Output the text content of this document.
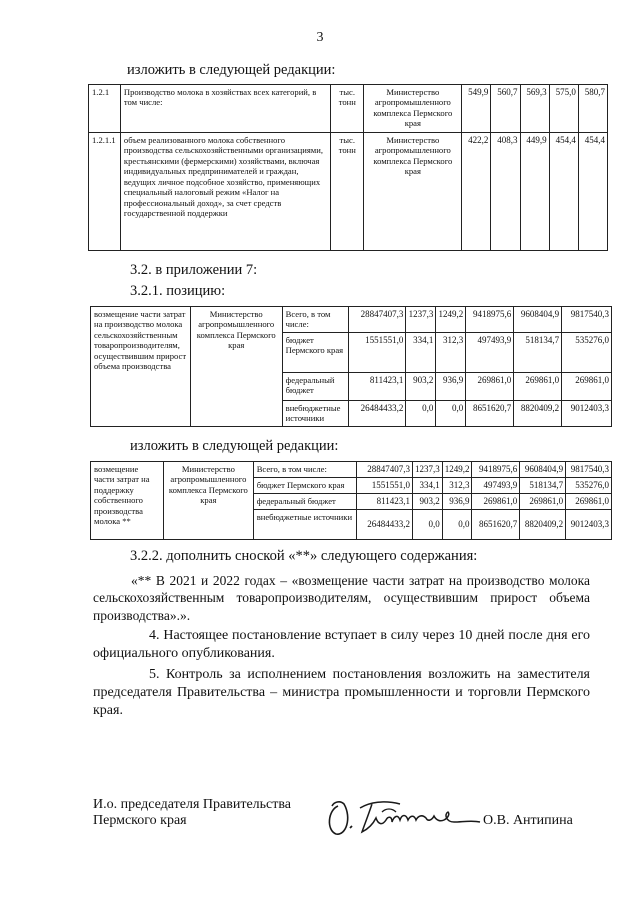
3
изложить в следующей редакции:
1.2.1	Производство молока в хозяйствах всех категорий, в том числе:	тыс. тонн	Министерство агропромышленного комплекса Пермского края	549,9	560,7	569,3	575,0	580,7
1.2.1.1	объем реализованного молока собственного производства сельскохозяйственными организациями, крестьянскими (фермерскими) хозяйствами, включая индивидуальных предпринимателей и граждан, ведущих личное подсобное хозяйство, применяющих специальный налоговый режим «Налог на профессиональный доход», за счет средств государственной поддержки	тыс. тонн	Министерство агропромышленного комплекса Пермского края	422,2	408,3	449,9	454,4	454,4
3.2. в приложении 7:
3.2.1. позицию:
возмещение части затрат на производство молока сельскохозяйственным товаропроизводителям, осуществившим прирост объема производства	Министерство агропромышленного комплекса Пермского края	Всего, в том числе:	28847407,3	1237,3	1249,2	9418975,6	9608404,9	9817540,3
		бюджет Пермского края	1551551,0	334,1	312,3	497493,9	518134,7	535276,0
		федеральный бюджет	811423,1	903,2	936,9	269861,0	269861,0	269861,0
		внебюджетные источники	26484433,2	0,0	0,0	8651620,7	8820409,2	9012403,3
изложить в следующей редакции:
возмещение части затрат на поддержку собственного производства молока **	Министерство агропромышленного комплекса Пермского края	Всего, в том числе:	28847407,3	1237,3	1249,2	9418975,6	9608404,9	9817540,3
		бюджет Пермского края	1551551,0	334,1	312,3	497493,9	518134,7	535276,0
		федеральный бюджет	811423,1	903,2	936,9	269861,0	269861,0	269861,0
		внебюджетные источники	26484433,2	0,0	0,0	8651620,7	8820409,2	9012403,3
3.2.2. дополнить сноской «**» следующего содержания:
«** В 2021 и 2022 годах – «возмещение части затрат на производство молока сельскохозяйственным товаропроизводителям, осуществившим прирост объема производства».».
4. Настоящее постановление вступает в силу через 10 дней после дня его официального опубликования.
5. Контроль за исполнением постановления возложить на заместителя председателя Правительства – министра промышленности и торговли Пермского края.
И.о. председателя Правительства
Пермского края	О.В. Антипина
